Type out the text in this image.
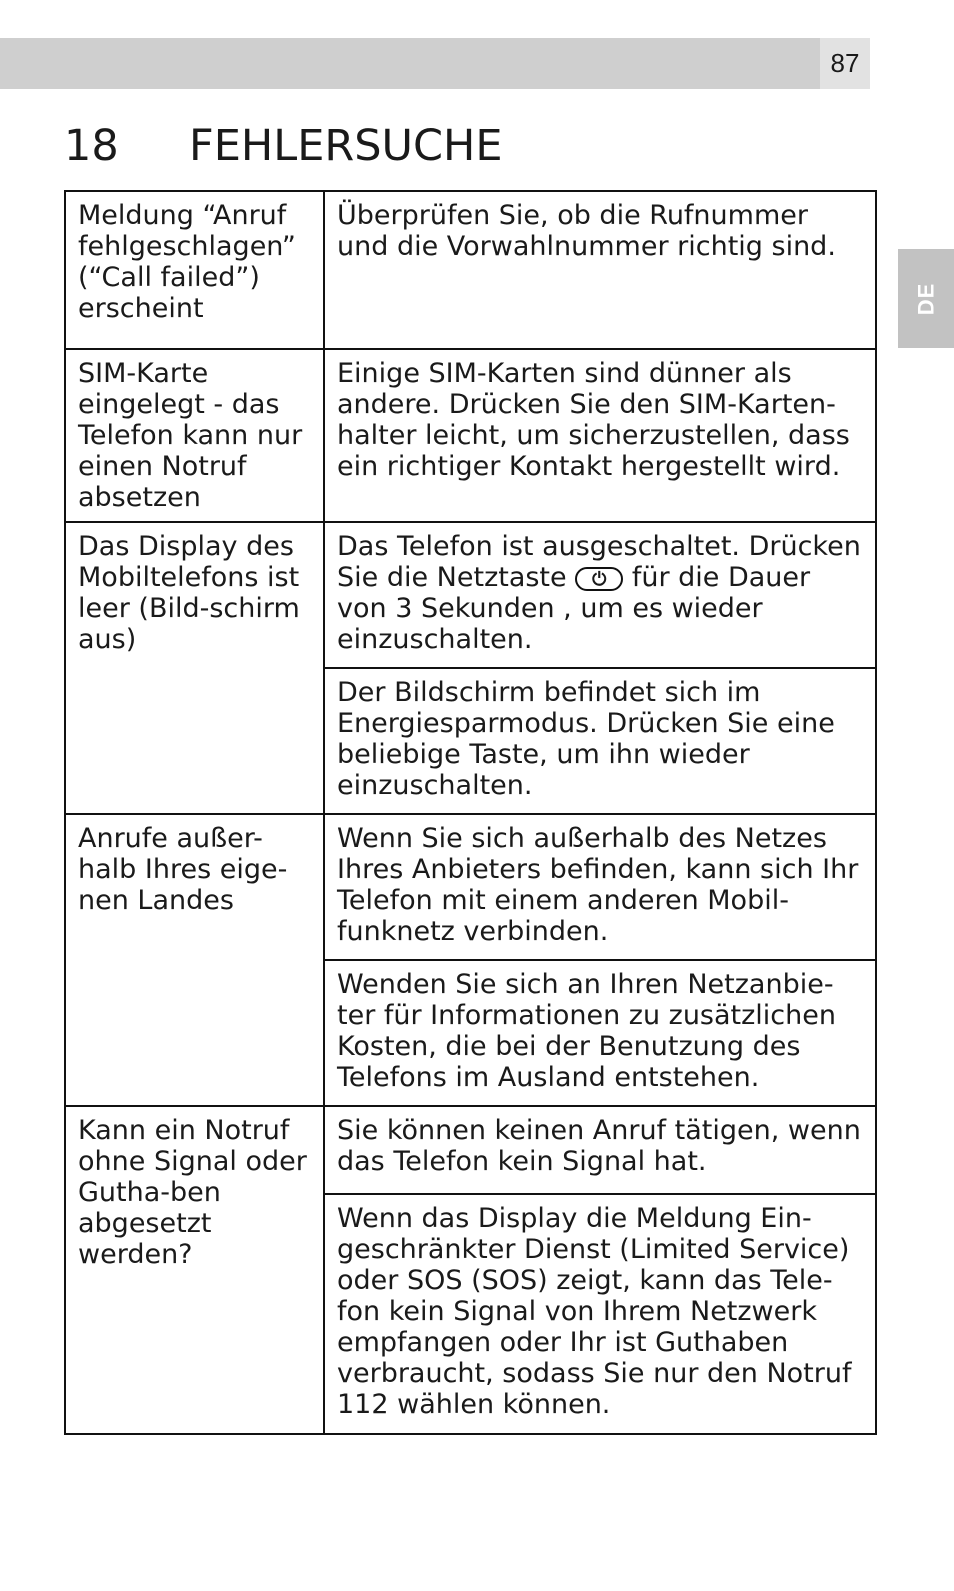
87
DE
18	FEHLERSUCHE
Meldung “Anruf fehlgeschlagen” (“Call failed”) erscheint	Überprüfen Sie, ob die Rufnummer und die Vorwahlnummer richtig sind.
SIM-Karte eingelegt - das Telefon kann nur einen Notruf absetzen	Einige SIM-Karten sind dünner als andere. Drücken Sie den SIM-Karten-halter leicht, um sicherzustellen, dass ein richtiger Kontakt hergestellt wird.
Das Display des Mobiltelefons ist leer (Bild-schirm aus)	Das Telefon ist ausgeschaltet. Drücken Sie die Netztaste ⏻ für die Dauer von 3 Sekunden , um es wieder einzuschalten.
	Der Bildschirm befindet sich im Energiesparmodus. Drücken Sie eine beliebige Taste, um ihn wieder einzuschalten.
Anrufe außer-halb Ihres eige-nen Landes	Wenn Sie sich außerhalb des Netzes Ihres Anbieters befinden, kann sich Ihr Telefon mit einem anderen Mobil-funknetz verbinden.
	Wenden Sie sich an Ihren Netzanbie-ter für Informationen zu zusätzlichen Kosten, die bei der Benutzung des Telefons im Ausland entstehen.
Kann ein Notruf ohne Signal oder Gutha-ben abgesetzt werden?	Sie können keinen Anruf tätigen, wenn das Telefon kein Signal hat.
	Wenn das Display die Meldung Ein-geschränkter Dienst (Limited Service) oder SOS (SOS) zeigt, kann das Tele-fon kein Signal von Ihrem Netzwerk empfangen oder Ihr ist Guthaben verbraucht, sodass Sie nur den Notruf 112 wählen können.
